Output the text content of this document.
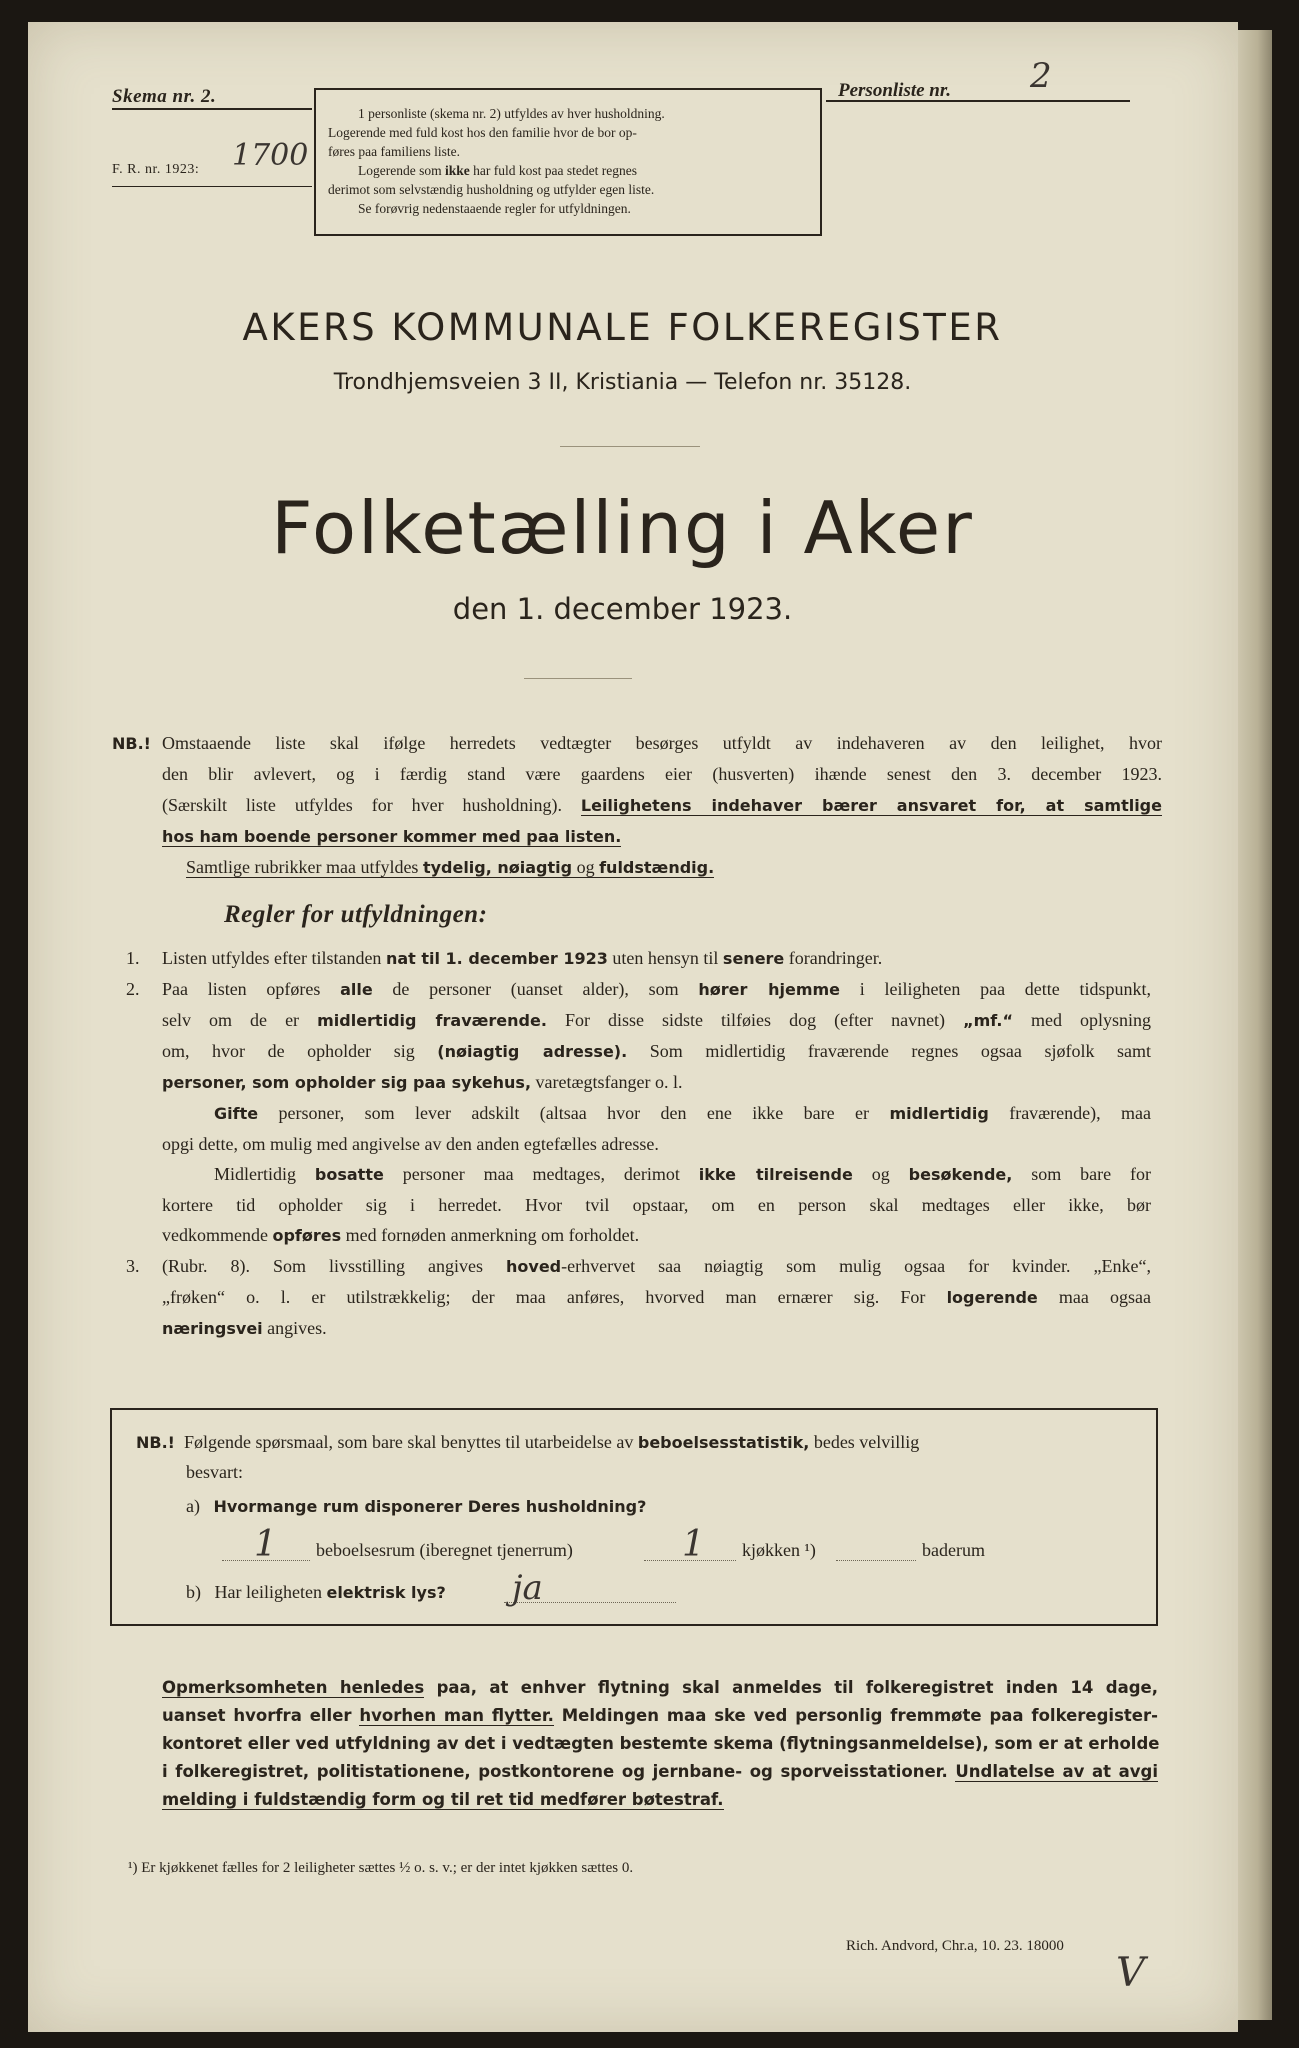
Skema nr. 2.
F. R. nr. 1923: 1700

1 personliste (skema nr. 2) utfyldes av hver husholdning.

Logerende med fuld kost hos den familie hvor de bor op-

føres paa familiens liste.

Logerende som ikke har fuld kost paa stedet regnes

derimot som selvstændig husholdning og utfylder egen liste.

Se forøvrig nedenstaaende regler for utfyldningen.

Personliste nr. 2
AKERS KOMMUNALE FOLKEREGISTER
Trondhjemsveien 3 II, Kristiania — Telefon nr. 35128.
Folketælling i Aker
den 1. december 1923.
NB.! Omstaaende liste skal ifølge herredets vedtægter besørges utfyldt av indehaveren av den leilighet, hvor
den blir avlevert, og i færdig stand være gaardens eier (husverten) ihænde senest den 3. december 1923.
(Særskilt liste utfyldes for hver husholdning). Leilighetens indehaver bærer ansvaret for, at samtlige
hos ham boende personer kommer med paa listen.
Samtlige rubrikker maa utfyldes tydelig, nøiagtig og fuldstændig.
Regler for utfyldningen:
1. Listen utfyldes efter tilstanden nat til 1. december 1923 uten hensyn til senere forandringer.
2. Paa listen opføres alle de personer (uanset alder), som hører hjemme i leiligheten paa dette tidspunkt,
selv om de er midlertidig fraværende. For disse sidste tilføies dog (efter navnet) „mf.“ med oplysning
om, hvor de opholder sig (nøiagtig adresse). Som midlertidig fraværende regnes ogsaa sjøfolk samt
personer, som opholder sig paa sykehus, varetægtsfanger o. l.
Gifte personer, som lever adskilt (altsaa hvor den ene ikke bare er midlertidig fraværende), maa
opgi dette, om mulig med angivelse av den anden egtefælles adresse.
Midlertidig bosatte personer maa medtages, derimot ikke tilreisende og besøkende, som bare for
kortere tid opholder sig i herredet. Hvor tvil opstaar, om en person skal medtages eller ikke, bør
vedkommende opføres med fornøden anmerkning om forholdet.
3. (Rubr. 8). Som livsstilling angives hoved-erhvervet saa nøiagtig som mulig ogsaa for kvinder. „Enke“,
„frøken“ o. l. er utilstrækkelig; der maa anføres, hvorved man ernærer sig. For logerende maa ogsaa
næringsvei angives.
NB.! Følgende spørsmaal, som bare skal benyttes til utarbeidelse av beboelsesstatistik, bedes velvillig
besvart:
a) Hvormange rum disponerer Deres husholdning?
1 beboelsesrum (iberegnet tjenerrum)	1 kjøkken ¹)	baderum
b) Har leiligheten elektrisk lys? ja
Opmerksomheten henledes paa, at enhver flytning skal anmeldes til folkeregistret inden 14 dage,
uanset hvorfra eller hvorhen man flytter. Meldingen maa ske ved personlig fremmøte paa folkeregister-
kontoret eller ved utfyldning av det i vedtægten bestemte skema (flytningsanmeldelse), som er at erholde
i folkeregistret, politistationene, postkontorene og jernbane- og sporveisstationer. Undlatelse av at avgi
melding i fuldstændig form og til ret tid medfører bøtestraf.
¹) Er kjøkkenet fælles for 2 leiligheter sættes ½ o. s. v.; er der intet kjøkken sættes 0.
Rich. Andvord, Chr.a, 10. 23. 18000
V
